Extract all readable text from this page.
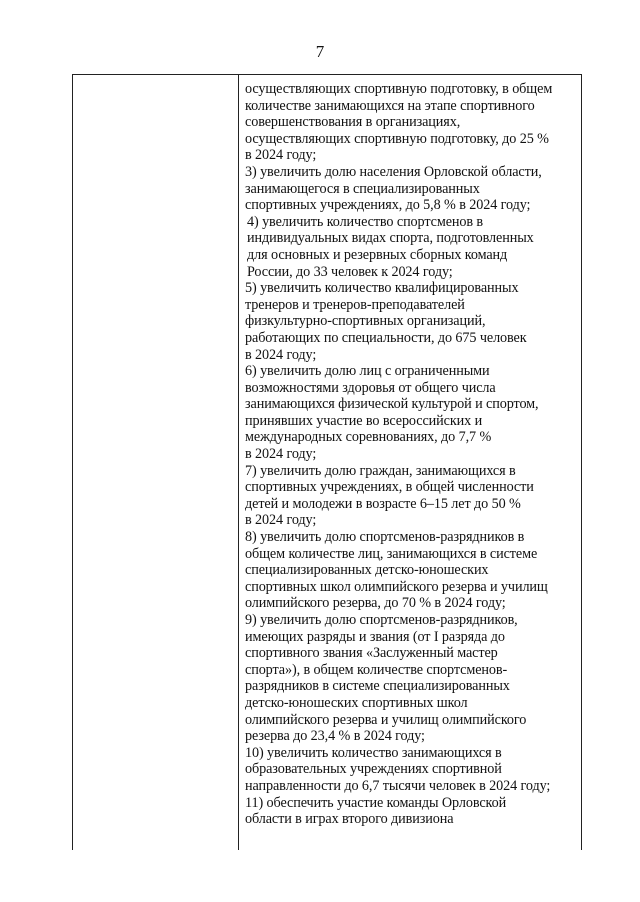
7
осуществляющих спортивную подготовку, в общем
количестве занимающихся на этапе спортивного
совершенствования в организациях,
осуществляющих спортивную подготовку, до 25 %
в 2024 году;
3) увеличить долю населения Орловской области,
занимающегося в специализированных
спортивных учреждениях, до 5,8 % в 2024 году;
4) увеличить количество спортсменов в
индивидуальных видах спорта, подготовленных
для основных и резервных сборных команд
России, до 33 человек к 2024 году;
5) увеличить количество квалифицированных
тренеров и тренеров-преподавателей
физкультурно-спортивных организаций,
работающих по специальности, до 675 человек
в 2024 году;
6) увеличить долю лиц с ограниченными
возможностями здоровья от общего числа
занимающихся физической культурой и спортом,
принявших участие во всероссийских и
международных соревнованиях, до 7,7 %
в 2024 году;
7) увеличить долю граждан, занимающихся в
спортивных учреждениях, в общей численности
детей и молодежи в возрасте 6–15 лет до 50 %
в 2024 году;
8) увеличить долю спортсменов-разрядников в
общем количестве лиц, занимающихся в системе
специализированных детско-юношеских
спортивных школ олимпийского резерва и училищ
олимпийского резерва, до 70 % в 2024 году;
9) увеличить долю спортсменов-разрядников,
имеющих разряды и звания (от I разряда до
спортивного звания «Заслуженный мастер
спорта»), в общем количестве спортсменов-
разрядников в системе специализированных
детско-юношеских спортивных школ
олимпийского резерва и училищ олимпийского
резерва до 23,4 % в 2024 году;
10) увеличить количество занимающихся в
образовательных учреждениях спортивной
направленности до 6,7 тысячи человек в 2024 году;
11) обеспечить участие команды Орловской
области в играх второго дивизиона
